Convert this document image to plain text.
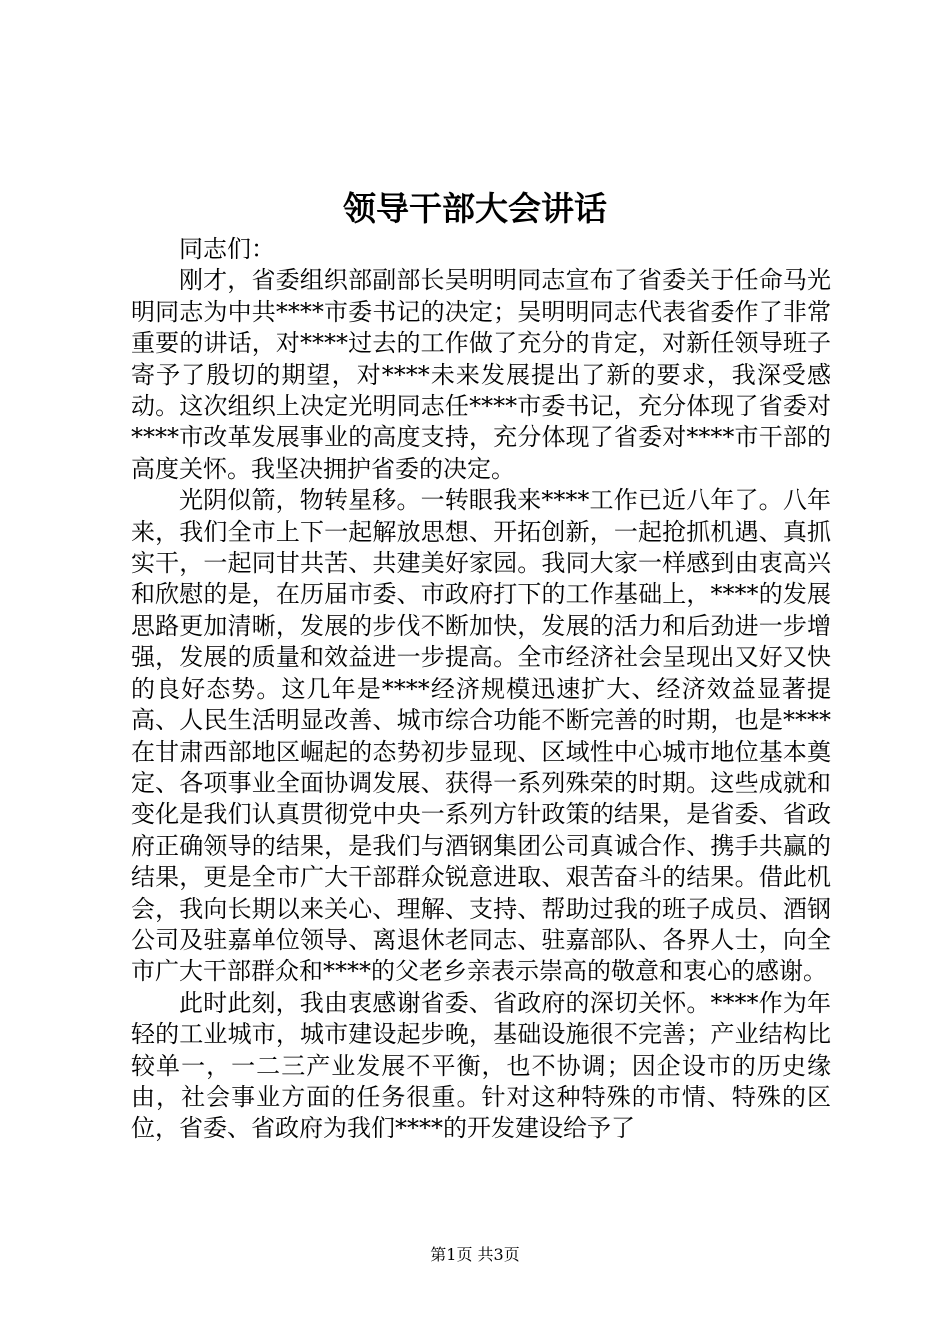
领导干部大会讲话

同志们：

刚才，省委组织部副部长吴明明同志宣布了省委关于任命马光明同志为中共****市委书记的决定；吴明明同志代表省委作了非常重要的讲话，对****过去的工作做了充分的肯定，对新任领导班子寄予了殷切的期望，对****未来发展提出了新的要求，我深受感动。这次组织上决定光明同志任****市委书记，充分体现了省委对****市改革发展事业的高度支持，充分体现了省委对****市干部的高度关怀。我坚决拥护省委的决定。

光阴似箭，物转星移。一转眼我来****工作已近八年了。八年来，我们全市上下一起解放思想、开拓创新，一起抢抓机遇、真抓实干，一起同甘共苦、共建美好家园。我同大家一样感到由衷高兴和欣慰的是，在历届市委、市政府打下的工作基础上，****的发展思路更加清晰，发展的步伐不断加快，发展的活力和后劲进一步增强，发展的质量和效益进一步提高。全市经济社会呈现出又好又快的良好态势。这几年是****经济规模迅速扩大、经济效益显著提高、人民生活明显改善、城市综合功能不断完善的时期，也是****在甘肃西部地区崛起的态势初步显现、区域性中心城市地位基本奠定、各项事业全面协调发展、获得一系列殊荣的时期。这些成就和变化是我们认真贯彻党中央一系列方针政策的结果，是省委、省政府正确领导的结果，是我们与酒钢集团公司真诚合作、携手共赢的结果，更是全市广大干部群众锐意进取、艰苦奋斗的结果。借此机会，我向长期以来关心、理解、支持、帮助过我的班子成员、酒钢公司及驻嘉单位领导、离退休老同志、驻嘉部队、各界人士，向全市广大干部群众和****的父老乡亲表示崇高的敬意和衷心的感谢。

此时此刻，我由衷感谢省委、省政府的深切关怀。****作为年轻的工业城市，城市建设起步晚，基础设施很不完善；产业结构比较单一，一二三产业发展不平衡，也不协调；因企设市的历史缘由，社会事业方面的任务很重。针对这种特殊的市情、特殊的区位，省委、省政府为我们****的开发建设给予了

第1页 共3页
